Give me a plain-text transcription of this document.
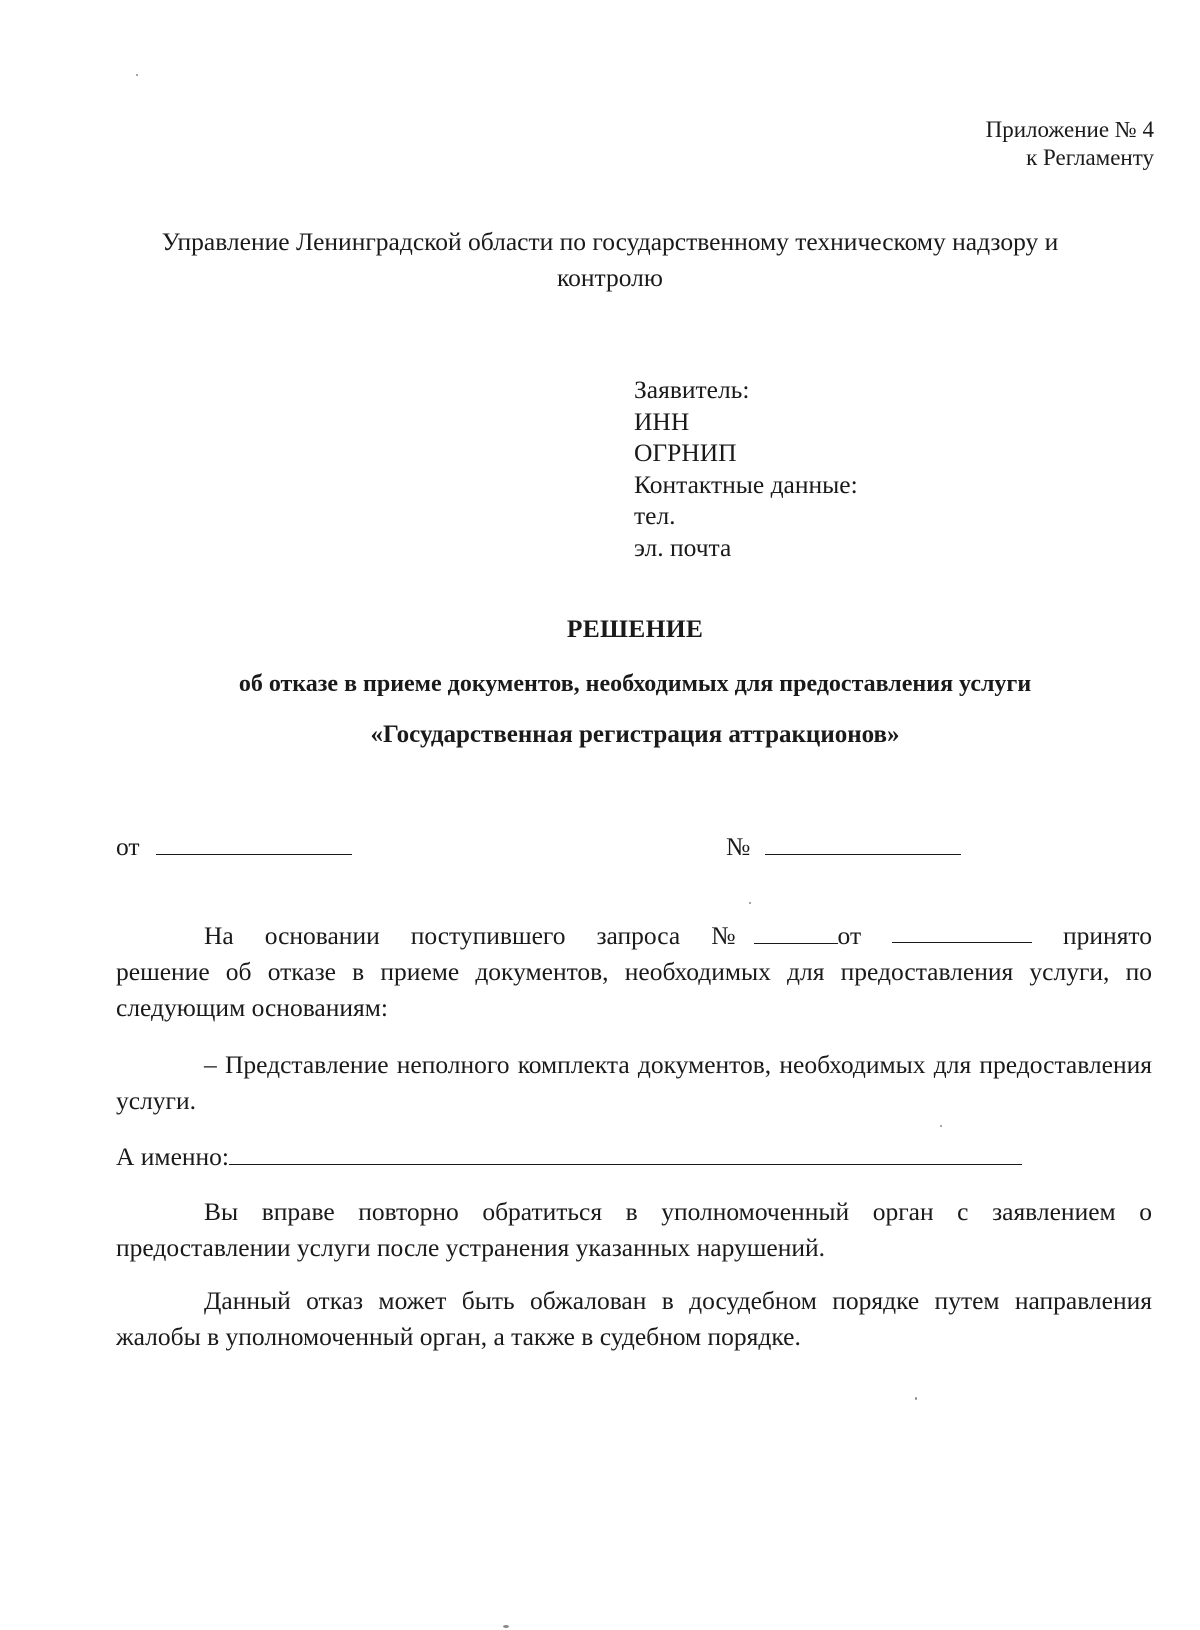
Приложение № 4
к Регламенту
Управление Ленинградской области по государственному техническому надзору и контролю
Заявитель:
ИНН
ОГРНИП
Контактные данные:
тел.
эл. почта
РЕШЕНИЕ
об отказе в приеме документов, необходимых для предоставления услуги
«Государственная регистрация аттракционов»
от	№
На основании поступившего запроса №	от	принято
решение об отказе в приеме документов, необходимых для предоставления услуги, по следующим основаниям:
– Представление неполного комплекта документов, необходимых для предоставления услуги.
А именно:
Вы вправе повторно обратиться в уполномоченный орган с заявлением о предоставлении услуги после устранения указанных нарушений.
Данный отказ может быть обжалован в досудебном порядке путем направления жалобы в уполномоченный орган, а также в судебном порядке.
